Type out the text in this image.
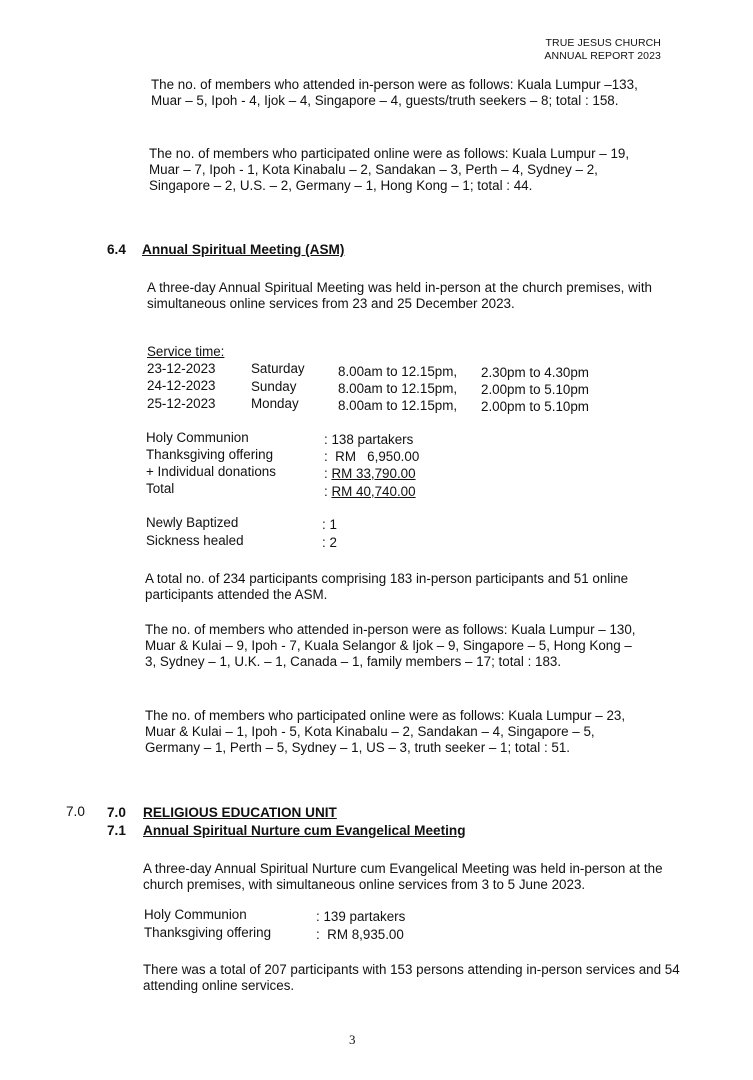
TRUE JESUS CHURCH
ANNUAL REPORT 2023

The no. of members who attended in-person were as follows: Kuala Lumpur –133, Muar – 5, Ipoh - 4, Ijok – 4, Singapore – 4, guests/truth seekers – 8; total : 158.

The no. of members who participated online were as follows: Kuala Lumpur – 19, Muar – 7, Ipoh - 1, Kota Kinabalu – 2, Sandakan – 3, Perth – 4, Sydney – 2, Singapore – 2, U.S. – 2, Germany – 1, Hong Kong – 1; total : 44.

6.4 Annual Spiritual Meeting (ASM)

A three-day Annual Spiritual Meeting was held in-person at the church premises, with simultaneous online services from 23 and 25 December 2023.

Service time:
23-12-2023	Saturday 8.00am to 12.15pm, 2.30pm to 4.30pm
24-12-2023	Sunday	8.00am to 12.15pm, 2.00pm to 5.10pm
25-12-2023	Monday	8.00am to 12.15pm, 2.00pm to 5.10pm
Holy Communion	: 138 partakers
Thanksgiving offering	:  RM   6,950.00
+ Individual donations	: RM 33,790.00
Total	: RM 40,740.00
Newly Baptized	: 1
Sickness healed	: 2

A total no. of 234 participants comprising 183 in-person participants and 51 online participants attended the ASM.

The no. of members who attended in-person were as follows: Kuala Lumpur – 130, Muar & Kulai – 9, Ipoh - 7, Kuala Selangor & Ijok – 9, Singapore – 5, Hong Kong – 3, Sydney – 1, U.K. – 1, Canada – 1, family members – 17; total : 183.

The no. of members who participated online were as follows: Kuala Lumpur – 23, Muar & Kulai – 1, Ipoh - 5, Kota Kinabalu – 2, Sandakan – 4, Singapore – 5, Germany – 1, Perth – 5, Sydney – 1, US – 3, truth seeker – 1; total : 51.

7.0 7.0 RELIGIOUS EDUCATION UNIT
7.1 Annual Spiritual Nurture cum Evangelical Meeting

A three-day Annual Spiritual Nurture cum Evangelical Meeting was held in-person at the church premises, with simultaneous online services from 3 to 5 June 2023.

Holy Communion	: 139 partakers
Thanksgiving offering	:  RM 8,935.00

There was a total of 207 participants with 153 persons attending in-person services and 54 attending online services.

3
